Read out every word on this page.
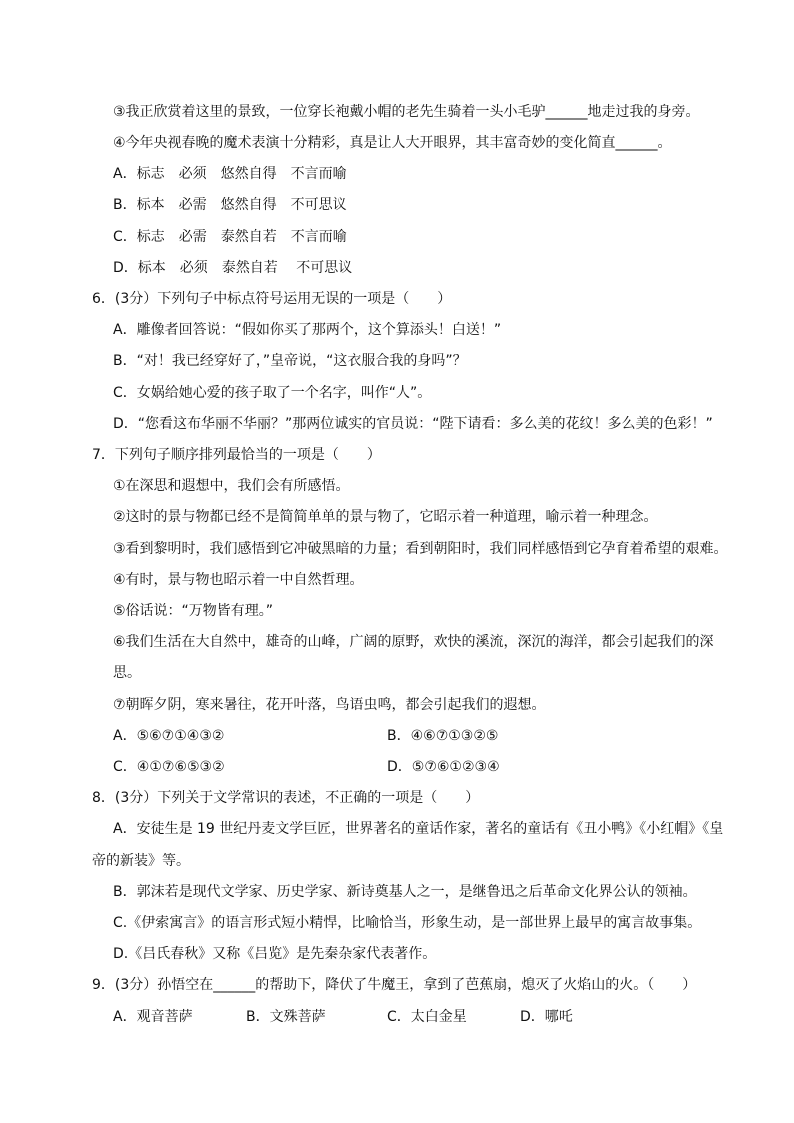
③我正欣赏着这里的景致，一位穿长袍戴小帽的老先生骑着一头小毛驴______地走过我的身旁。
④今年央视春晚的魔术表演十分精彩，真是让人大开眼界，其丰富奇妙的变化简直______。
A．标志　必须　悠然自得　不言而喻
B．标本　必需　悠然自得　不可思议
C．标志　必需　泰然自若　不言而喻
D．标本　必须　泰然自若　 不可思议
6．(3分）下列句子中标点符号运用无误的一项是（　　）
A．雕像者回答说：“假如你买了那两个，这个算添头！白送！”
B．“对！我已经穿好了，”皇帝说，“这衣服合我的身吗”？
C．女娲给她心爱的孩子取了一个名字，叫作“人”。
D．“您看这布华丽不华丽？”那两位诚实的官员说：“陛下请看：多么美的花纹！多么美的色彩！”
7．下列句子顺序排列最恰当的一项是（　　）
①在深思和遐想中，我们会有所感悟。
②这时的景与物都已经不是简简单单的景与物了，它昭示着一种道理，喻示着一种理念。
③看到黎明时，我们感悟到它冲破黑暗的力量；看到朝阳时，我们同样感悟到它孕育着希望的艰难。
④有时，景与物也昭示着一中自然哲理。
⑤俗话说：“万物皆有理。”
⑥我们生活在大自然中，雄奇的山峰，广阔的原野，欢快的溪流，深沉的海洋，都会引起我们的深
思。
⑦朝晖夕阴，寒来暑往，花开叶落，鸟语虫鸣，都会引起我们的遐想。
A．⑤⑥⑦①④③②	B．④⑥⑦①③②⑤
C．④①⑦⑥⑤③②	D．⑤⑦⑥①②③④
8．(3分）下列关于文学常识的表述，不正确的一项是（　　）
A．安徒生是 19 世纪丹麦文学巨匠，世界著名的童话作家，著名的童话有《丑小鸭》《小红帽》《皇
帝的新装》等。
B．郭沫若是现代文学家、历史学家、新诗奠基人之一，是继鲁迅之后革命文化界公认的领袖。
C.《伊索寓言》的语言形式短小精悍，比喻恰当，形象生动，是一部世界上最早的寓言故事集。
D.《吕氏春秋》又称《吕览》是先秦杂家代表著作。
9．(3分）孙悟空在______的帮助下，降伏了牛魔王，拿到了芭蕉扇，熄灭了火焰山的火。（　　）
A．观音菩萨	B．文殊菩萨	C．太白金星	D．哪吒
